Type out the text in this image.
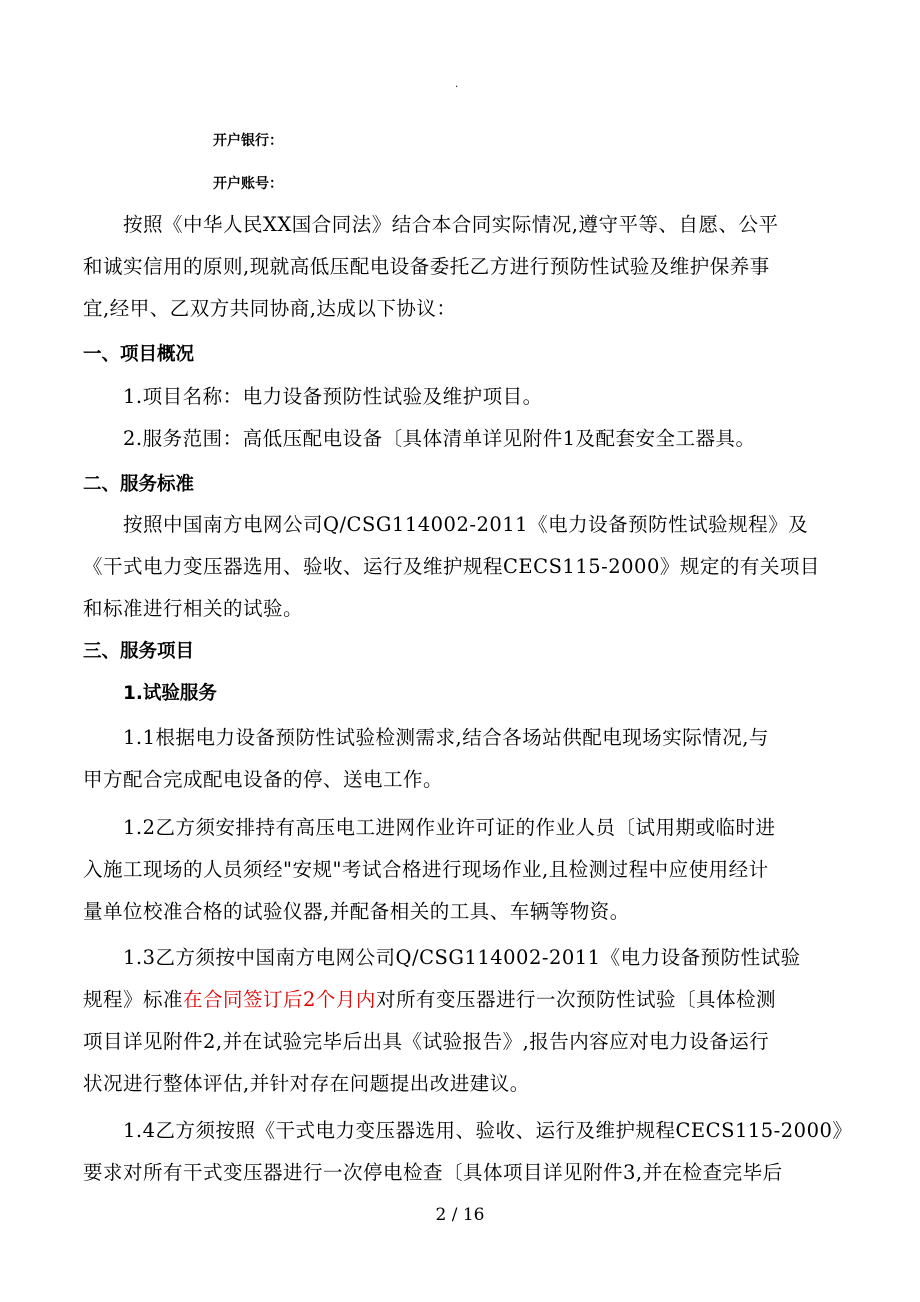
.
开户银行：
开户账号：
按照《中华人民XX国合同法》结合本合同实际情况,遵守平等、自愿、公平
和诚实信用的原则,现就高低压配电设备委托乙方进行预防性试验及维护保养事
宜,经甲、乙双方共同协商,达成以下协议：
一、项目概况
1.项目名称：电力设备预防性试验及维护项目。
2.服务范围：高低压配电设备〔具体清单详见附件1及配套安全工器具。
二、服务标准
按照中国南方电网公司Q/CSG114002-2011《电力设备预防性试验规程》及
《干式电力变压器选用、验收、运行及维护规程CECS115-2000》规定的有关项目
和标准进行相关的试验。
三、服务项目
1.试验服务
1.1根据电力设备预防性试验检测需求,结合各场站供配电现场实际情况,与
甲方配合完成配电设备的停、送电工作。
1.2乙方须安排持有高压电工进网作业许可证的作业人员〔试用期或临时进
入施工现场的人员须经"安规"考试合格进行现场作业,且检测过程中应使用经计
量单位校准合格的试验仪器,并配备相关的工具、车辆等物资。
1.3乙方须按中国南方电网公司Q/CSG114002-2011《电力设备预防性试验
规程》标准在合同签订后2个月内对所有变压器进行一次预防性试验〔具体检测
项目详见附件2,并在试验完毕后出具《试验报告》,报告内容应对电力设备运行
状况进行整体评估,并针对存在问题提出改进建议。
1.4乙方须按照《干式电力变压器选用、验收、运行及维护规程CECS115-2000》
要求对所有干式变压器进行一次停电检查〔具体项目详见附件3,并在检查完毕后
2 / 16
